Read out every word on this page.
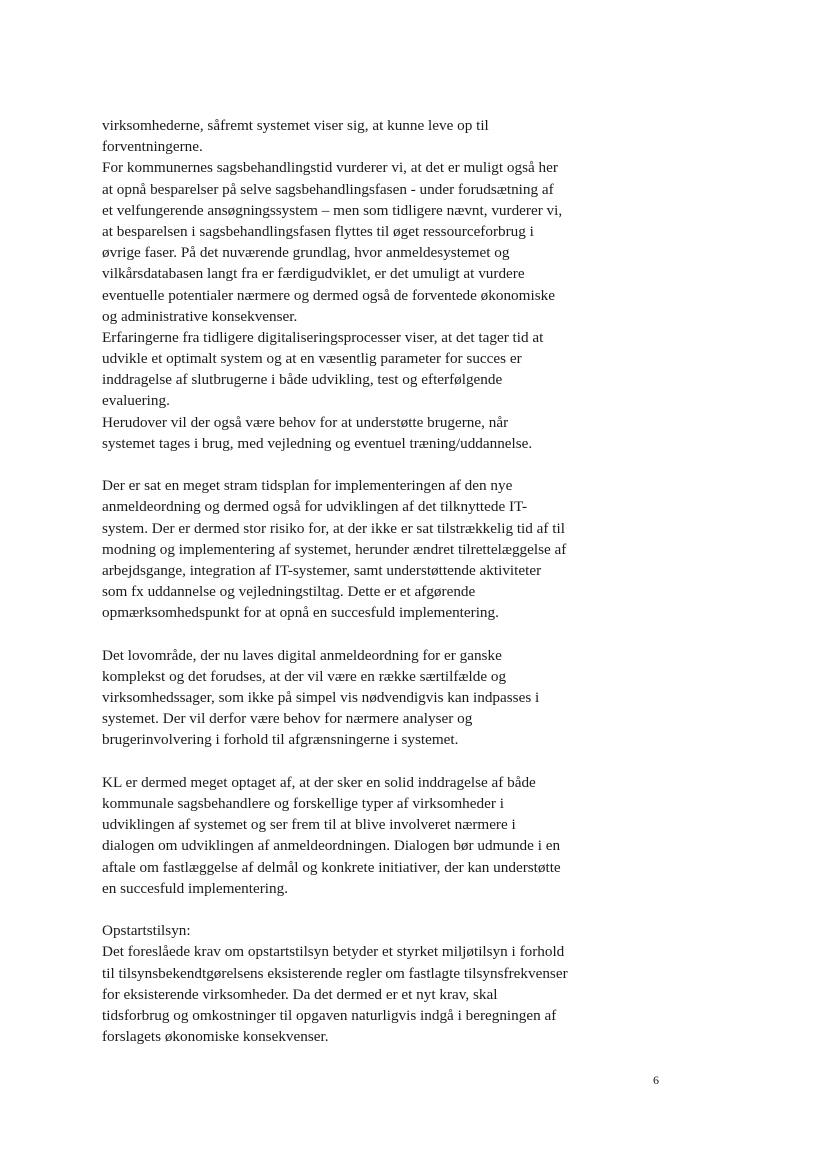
virksomhederne, såfremt systemet viser sig, at kunne leve op til
forventningerne.
For kommunernes sagsbehandlingstid vurderer vi, at det er muligt også her
at opnå besparelser på selve sagsbehandlingsfasen - under forudsætning af
et velfungerende ansøgningssystem – men som tidligere nævnt, vurderer vi,
at besparelsen i sagsbehandlingsfasen flyttes til øget ressourceforbrug i
øvrige faser. På det nuværende grundlag, hvor anmeldesystemet og
vilkårsdatabasen langt fra er færdigudviklet, er det umuligt at vurdere
eventuelle potentialer nærmere og dermed også de forventede økonomiske
og administrative konsekvenser.
Erfaringerne fra tidligere digitaliseringsprocesser viser, at det tager tid at
udvikle et optimalt system og at en væsentlig parameter for succes er
inddragelse af slutbrugerne i både udvikling, test og efterfølgende
evaluering.
Herudover vil der også være behov for at understøtte brugerne, når
systemet tages i brug, med vejledning og eventuel træning/uddannelse.
Der er sat en meget stram tidsplan for implementeringen af den nye
anmeldeordning og dermed også for udviklingen af det tilknyttede IT-
system. Der er dermed stor risiko for, at der ikke er sat tilstrækkelig tid af til
modning og implementering af systemet, herunder ændret tilrettelæggelse af
arbejdsgange, integration af IT-systemer, samt understøttende aktiviteter
som fx uddannelse og vejledningstiltag. Dette er et afgørende
opmærksomhedspunkt for at opnå en succesfuld implementering.
Det lovområde, der nu laves digital anmeldeordning for er ganske
komplekst og det forudses, at der vil være en række særtilfælde og
virksomhedssager, som ikke på simpel vis nødvendigvis kan indpasses i
systemet. Der vil derfor være behov for nærmere analyser og
brugerinvolvering i forhold til afgrænsningerne i systemet.
KL er dermed meget optaget af, at der sker en solid inddragelse af både
kommunale sagsbehandlere og forskellige typer af virksomheder i
udviklingen af systemet og ser frem til at blive involveret nærmere i
dialogen om udviklingen af anmeldeordningen. Dialogen bør udmunde i en
aftale om fastlæggelse af delmål og konkrete initiativer, der kan understøtte
en succesfuld implementering.
Opstartstilsyn:
Det foreslåede krav om opstartstilsyn betyder et styrket miljøtilsyn i forhold
til tilsynsbekendtgørelsens eksisterende regler om fastlagte tilsynsfrekvenser
for eksisterende virksomheder. Da det dermed er et nyt krav, skal
tidsforbrug og omkostninger til opgaven naturligvis indgå i beregningen af
forslagets økonomiske konsekvenser.
6
